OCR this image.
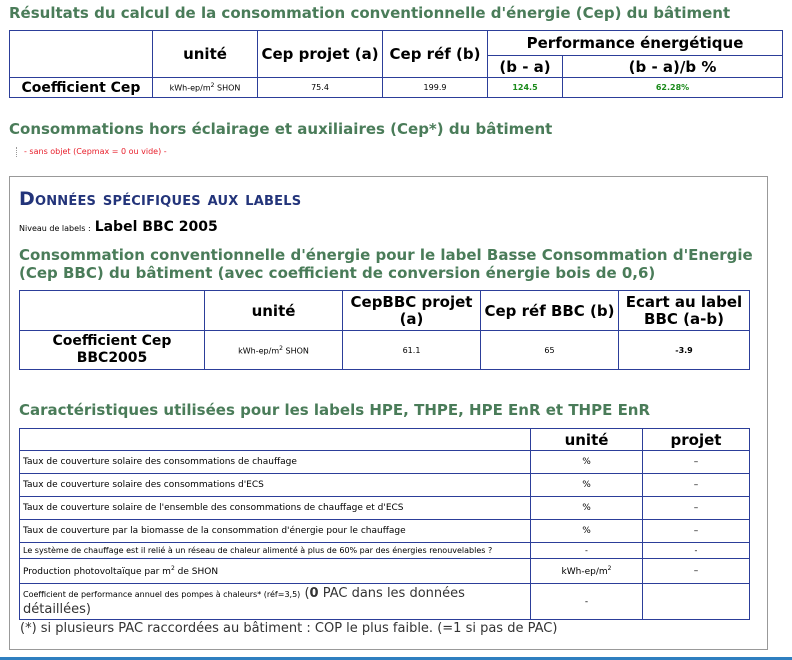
Résultats du calcul de la consommation conventionnelle d'énergie (Cep) du bâtiment
	unité	Cep projet (a)	Cep réf (b)	Performance énergétique	
				(b - a)	(b - a)/b %
Coefficient Cep	kWh-$ep/m^2$ SHON	75.4	199.9	124.5	62.28%
Consommations hors éclairage et auxiliaires (Cep*) du bâtiment
- sans objet (Cepmax = 0 ou vide) -
Données spécifiques aux labels
Niveau de labels : Label BBC 2005
Consommation conventionnelle d'énergie pour le label Basse Consommation d'Energie (Cep BBC) du bâtiment (avec coefficient de conversion énergie bois de 0,6)
	unité	CepBBC projet (a)	Cep réf BBC (b)	Ecart au label BBC (a-b)
Coefficient Cep BBC2005	kWh-$ep/m^2$ SHON	61.1	65	-3.9
Caractéristiques utilisées pour les labels HPE, THPE, HPE EnR et THPE EnR
	unité	projet
Taux de couverture solaire des consommations de chauffage	%	–
Taux de couverture solaire des consommations d'ECS	%	–
Taux de couverture solaire de l'ensemble des consommations de chauffage et d'ECS	%	–
Taux de couverture par la biomasse de la consommation d'énergie pour le chauffage	%	–
Le système de chauffage est il relié à un réseau de chaleur alimenté à plus de 60% par des énergies renouvelables ?	-	-
Production photovoltaïque par $m^2$ de SHON	kWh-$ep/m^2$	–
Coefficient de performance annuel des pompes à chaleurs* (réf=3,5) (0 PAC dans les données détaillées)	-	
(*) si plusieurs PAC raccordées au bâtiment : COP le plus faible. (=1 si pas de PAC)
